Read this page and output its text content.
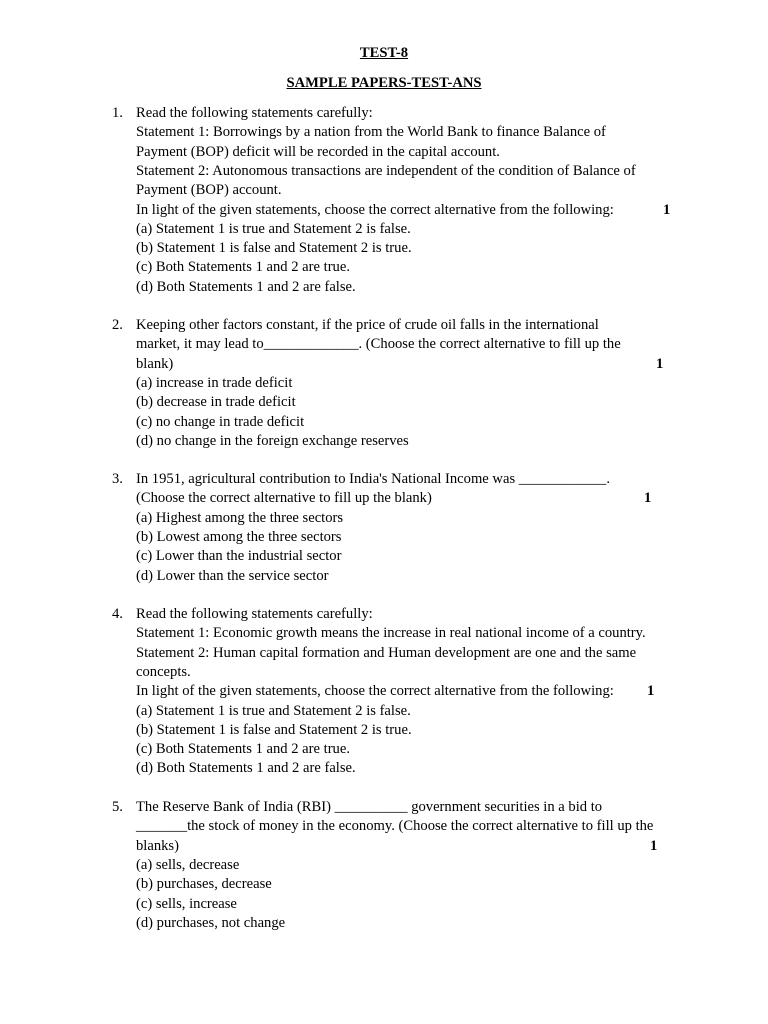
TEST-8
SAMPLE PAPERS-TEST-ANS
1. Read the following statements carefully:
Statement 1: Borrowings by a nation from the World Bank to finance Balance of
Payment (BOP) deficit will be recorded in the capital account.
Statement 2: Autonomous transactions are independent of the condition of Balance of
Payment (BOP) account.
In light of the given statements, choose the correct alternative from the following:	1
(a) Statement 1 is true and Statement 2 is false.
(b) Statement 1 is false and Statement 2 is true.
(c) Both Statements 1 and 2 are true.
(d) Both Statements 1 and 2 are false.
2. Keeping other factors constant, if the price of crude oil falls in the international
market, it may lead to_____________. (Choose the correct alternative to fill up the
blank)	1
(a) increase in trade deficit
(b) decrease in trade deficit
(c) no change in trade deficit
(d) no change in the foreign exchange reserves
3. In 1951, agricultural contribution to India's National Income was ____________.
(Choose the correct alternative to fill up the blank)	1
(a) Highest among the three sectors
(b) Lowest among the three sectors
(c) Lower than the industrial sector
(d) Lower than the service sector
4. Read the following statements carefully:
Statement 1: Economic growth means the increase in real national income of a country.
Statement 2: Human capital formation and Human development are one and the same
concepts.
In light of the given statements, choose the correct alternative from the following: 1
(a) Statement 1 is true and Statement 2 is false.
(b) Statement 1 is false and Statement 2 is true.
(c) Both Statements 1 and 2 are true.
(d) Both Statements 1 and 2 are false.
5. The Reserve Bank of India (RBI) __________ government securities in a bid to
_______the stock of money in the economy. (Choose the correct alternative to fill up the
blanks)	1
(a) sells, decrease
(b) purchases, decrease
(c) sells, increase
(d) purchases, not change
